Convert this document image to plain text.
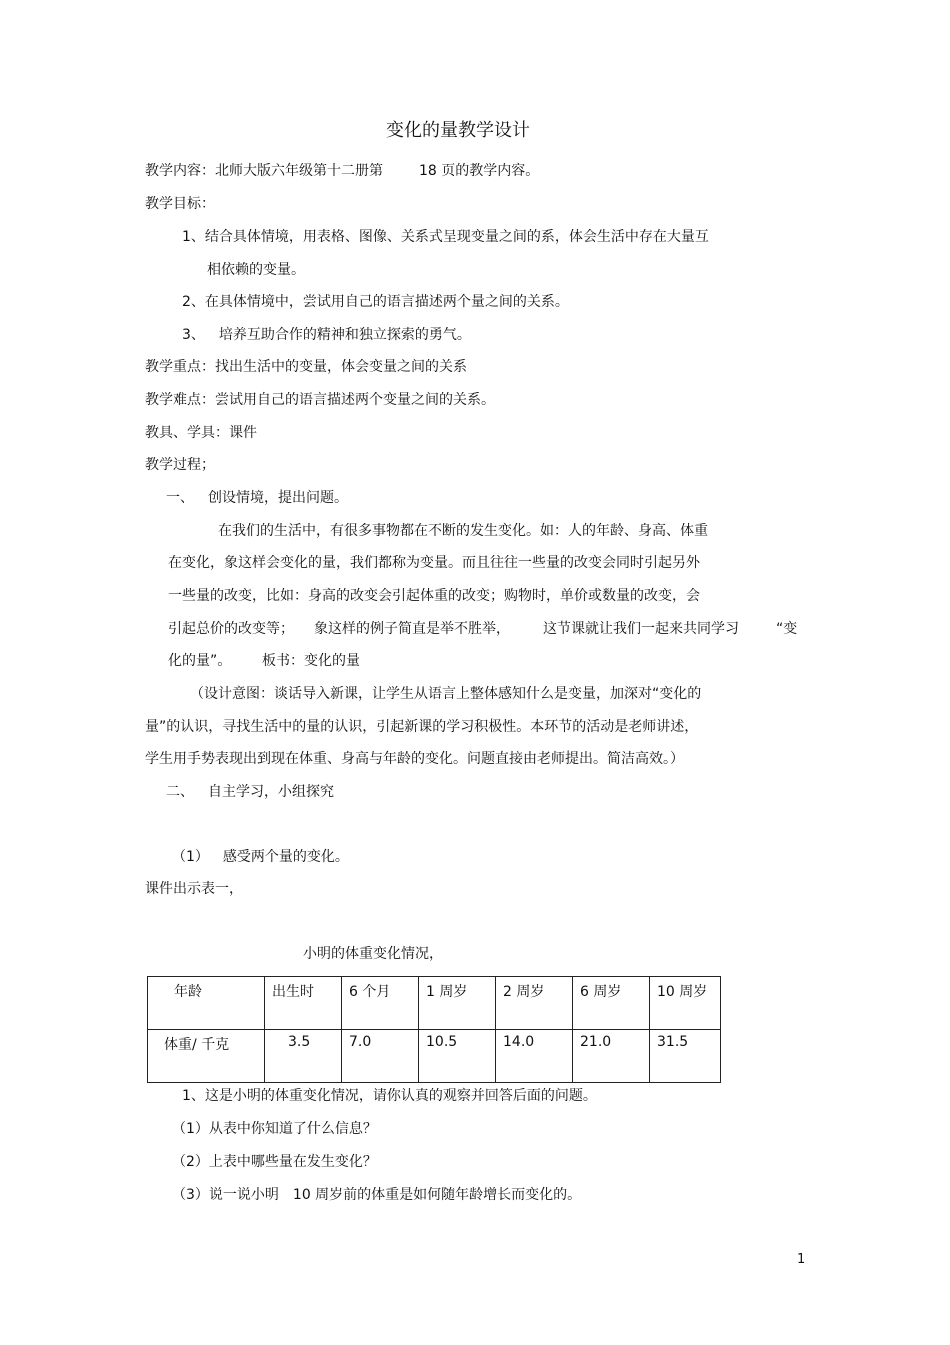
变化的量教学设计
教学内容：北师大版六年级第十二册第	18 页的教学内容。
教学目标：
1、结合具体情境，用表格、图像、关系式呈现变量之间的系，体会生活中存在大量互
相依赖的变量。
2、在具体情境中，尝试用自己的语言描述两个量之间的关系。
3、 培养互助合作的精神和独立探索的勇气。
教学重点：找出生活中的变量，体会变量之间的关系
教学难点：尝试用自己的语言描述两个变量之间的关系。
教具、学具：课件
教学过程；
一、 创设情境，提出问题。
在我们的生活中，有很多事物都在不断的发生变化。如：人的年龄、身高、体重
在变化，象这样会变化的量，我们都称为变量。而且往往一些量的改变会同时引起另外
一些量的改变，比如：身高的改变会引起体重的改变；购物时，单价或数量的改变，会
引起总价的改变等； 象这样的例子简直是举不胜举， 这节课就让我们一起来共同学习	“变
化的量”。 板书：变化的量
（设计意图：谈话导入新课，让学生从语言上整体感知什么是变量，加深对“变化的
量”的认识，寻找生活中的量的认识，引起新课的学习积极性。本环节的活动是老师讲述，
学生用手势表现出到现在体重、身高与年龄的变化。问题直接由老师提出。简洁高效。）
二、 自主学习，小组探究
（1） 感受两个量的变化。
课件出示表一，
小明的体重变化情况，
年龄	出生时	6 个月	1 周岁	2 周岁	6 周岁	10 周岁

体重/ 千克	3.5	7.0	10.5	14.0	21.0	31.5
1、这是小明的体重变化情况，请你认真的观察并回答后面的问题。
（1）从表中你知道了什么信息？
（2）上表中哪些量在发生变化？
（3）说一说小明 10 周岁前的体重是如何随年龄增长而变化的。
1
